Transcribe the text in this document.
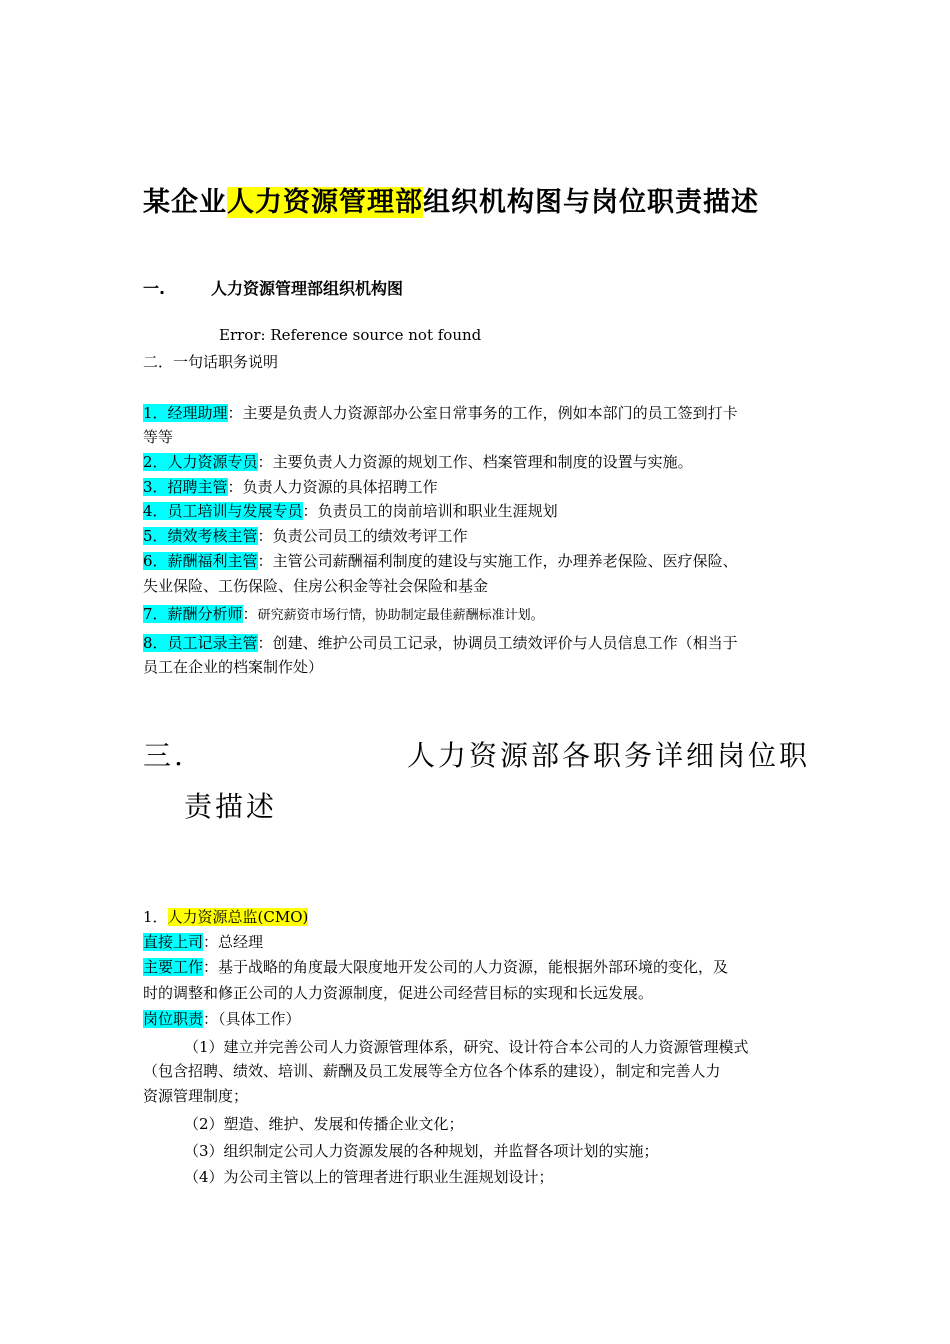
某企业人力资源管理部组织机构图与岗位职责描述
一.	人力资源管理部组织机构图
Error: Reference source not found
二．一句话职务说明
1．经理助理：主要是负责人力资源部办公室日常事务的工作，例如本部门的员工签到打卡
等等
2．人力资源专员：主要负责人力资源的规划工作、档案管理和制度的设置与实施。
3．招聘主管：负责人力资源的具体招聘工作
4．员工培训与发展专员：负责员工的岗前培训和职业生涯规划
5．绩效考核主管：负责公司员工的绩效考评工作
6．薪酬福利主管：主管公司薪酬福利制度的建设与实施工作，办理养老保险、医疗保险、
失业保险、工伤保险、住房公积金等社会保险和基金
7．薪酬分析师：研究薪资市场行情，协助制定最佳薪酬标准计划。
8．员工记录主管：创建、维护公司员工记录，协调员工绩效评价与人员信息工作（相当于
员工在企业的档案制作处）
三.	人力资源部各职务详细岗位职
责描述
1．人力资源总监(CMO)
直接上司：总经理
主要工作：基于战略的角度最大限度地开发公司的人力资源，能根据外部环境的变化，及
时的调整和修正公司的人力资源制度，促进公司经营目标的实现和长远发展。
岗位职责：（具体工作）
（1）建立并完善公司人力资源管理体系，研究、设计符合本公司的人力资源管理模式
（包含招聘、绩效、培训、薪酬及员工发展等全方位各个体系的建设），制定和完善人力
资源管理制度；
（2）塑造、维护、发展和传播企业文化；
（3）组织制定公司人力资源发展的各种规划，并监督各项计划的实施；
（4）为公司主管以上的管理者进行职业生涯规划设计；
